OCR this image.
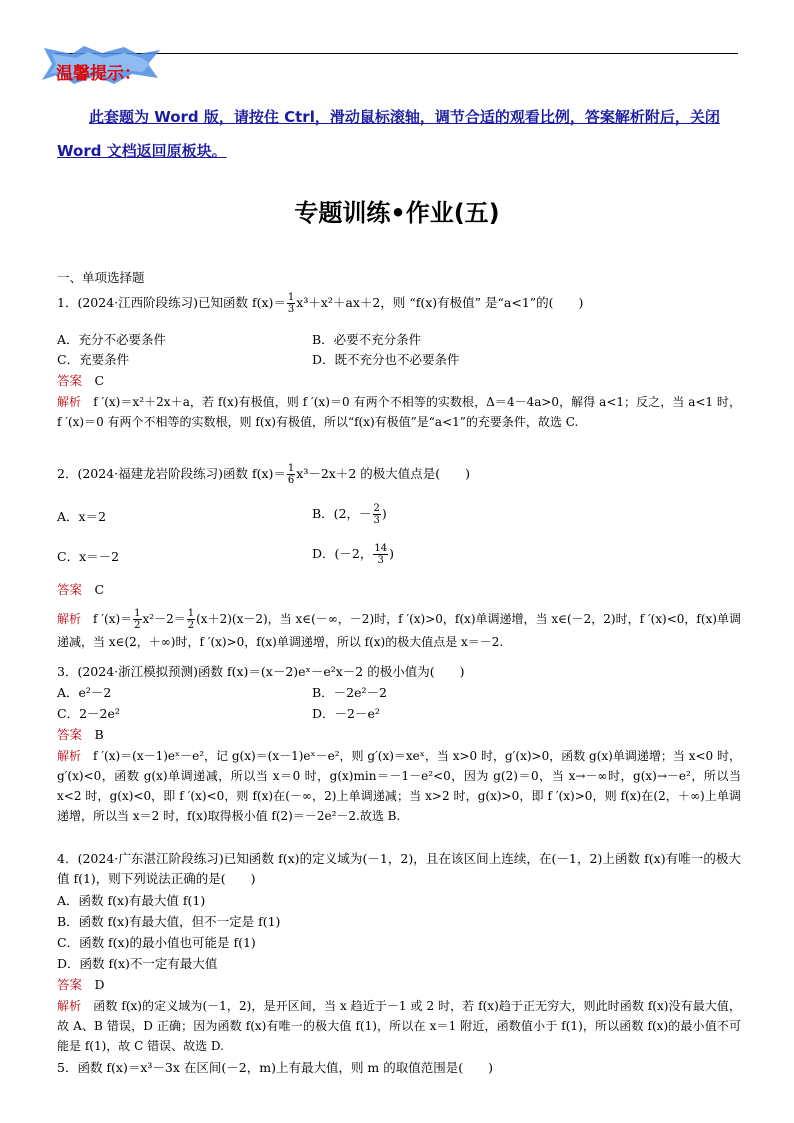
温馨提示：
此套题为 Word 版，请按住 Ctrl，滑动鼠标滚轴，调节合适的观看比例，答案解析附后，关闭 Word 文档返回原板块。
专题训练•作业(五)
一、单项选择题
1．(2024·江西阶段练习)已知函数 $f(x)= \frac{1}{3} x^3+x^2+ax+2$，则 “f(x)有极值” 是“a<1”的(　　)
A．充分不必要条件	B．必要不充分条件
C．充要条件	D．既不充分也不必要条件
答案　 C
解析　 f ′(x)＝x²＋2x＋a，若 f(x)有极值，则 f ′(x)＝0 有两个不相等的实数根，Δ＝4－4a>0，解得 a<1；反之，当 a<1 时，f ′(x)＝0 有两个不相等的实数根，则 f(x)有极值，所以“f(x)有极值”是“a<1”的充要条件，故选 C.
2．(2024·福建龙岩阶段练习)函数 $f(x)= \frac{1}{6} x^3-2x+2$ 的极大值点是(　　)
A．x＝2	B．(2，－ $\frac{2}{3}$ )
C．x＝－2	D．(－2， $\frac{14}{3}$ )
答案　 C
解析　 f $'(x)= \frac{1}{2} x^2-2= \frac{1}{2} (x+2)(x-2)$，当 x∈(－∞，－2)时，f ′(x)>0，f(x)单调递增，当 x∈(－2，2)时，f ′(x)<0，f(x)单调递减，当 x∈(2，＋∞)时，f ′(x)>0，f(x)单调递增，所以 f(x)的极大值点是 x＝－2.
3．(2024·浙江模拟预测)函数 f(x)＝(x－2)eˣ－e²x－2 的极小值为(　　)
A．e²－2	B．－2e²－2
C．2－2e²	D．－2－e²
答案　 B
解析　 f ′(x)＝(x－1)eˣ－e²，记 g(x)＝(x－1)eˣ－e²，则 g′(x)＝xeˣ，当 x>0 时，g′(x)>0，函数 g(x)单调递增；当 x<0 时，g′(x)<0，函数 g(x)单调递减，所以当 x＝0 时，g(x)min＝－1－e²<0，因为 g(2)＝0，当 x→－∞时，g(x)→－e²，所以当 x<2 时，g(x)<0，即 f ′(x)<0，则 f(x)在(－∞，2)上单调递减；当 x>2 时，g(x)>0，即 f ′(x)>0，则 f(x)在(2，＋∞)上单调递增，所以当 x＝2 时，f(x)取得极小值 f(2)＝－2e²－2.故选 B.
4．(2024·广东湛江阶段练习)已知函数 f(x)的定义域为(－1，2)，且在该区间上连续，在(－1，2)上函数 f(x)有唯一的极大值 f(1)，则下列说法正确的是(　　)
A．函数 f(x)有最大值 f(1)
B．函数 f(x)有最大值，但不一定是 f(1)
C．函数 f(x)的最小值也可能是 f(1)
D．函数 f(x)不一定有最大值
答案　 D
解析　 函数 f(x)的定义域为(－1，2)，是开区间，当 x 趋近于－1 或 2 时，若 f(x)趋于正无穷大，则此时函数 f(x)没有最大值，故 A、B 错误，D 正确；因为函数 f(x)有唯一的极大值 f(1)，所以在 x＝1 附近，函数值小于 f(1)，所以函数 f(x)的最小值不可能是 f(1)，故 C 错误、故选 D.
5．函数 f(x)＝x³－3x 在区间(－2，m)上有最大值，则 m 的取值范围是(　　)
